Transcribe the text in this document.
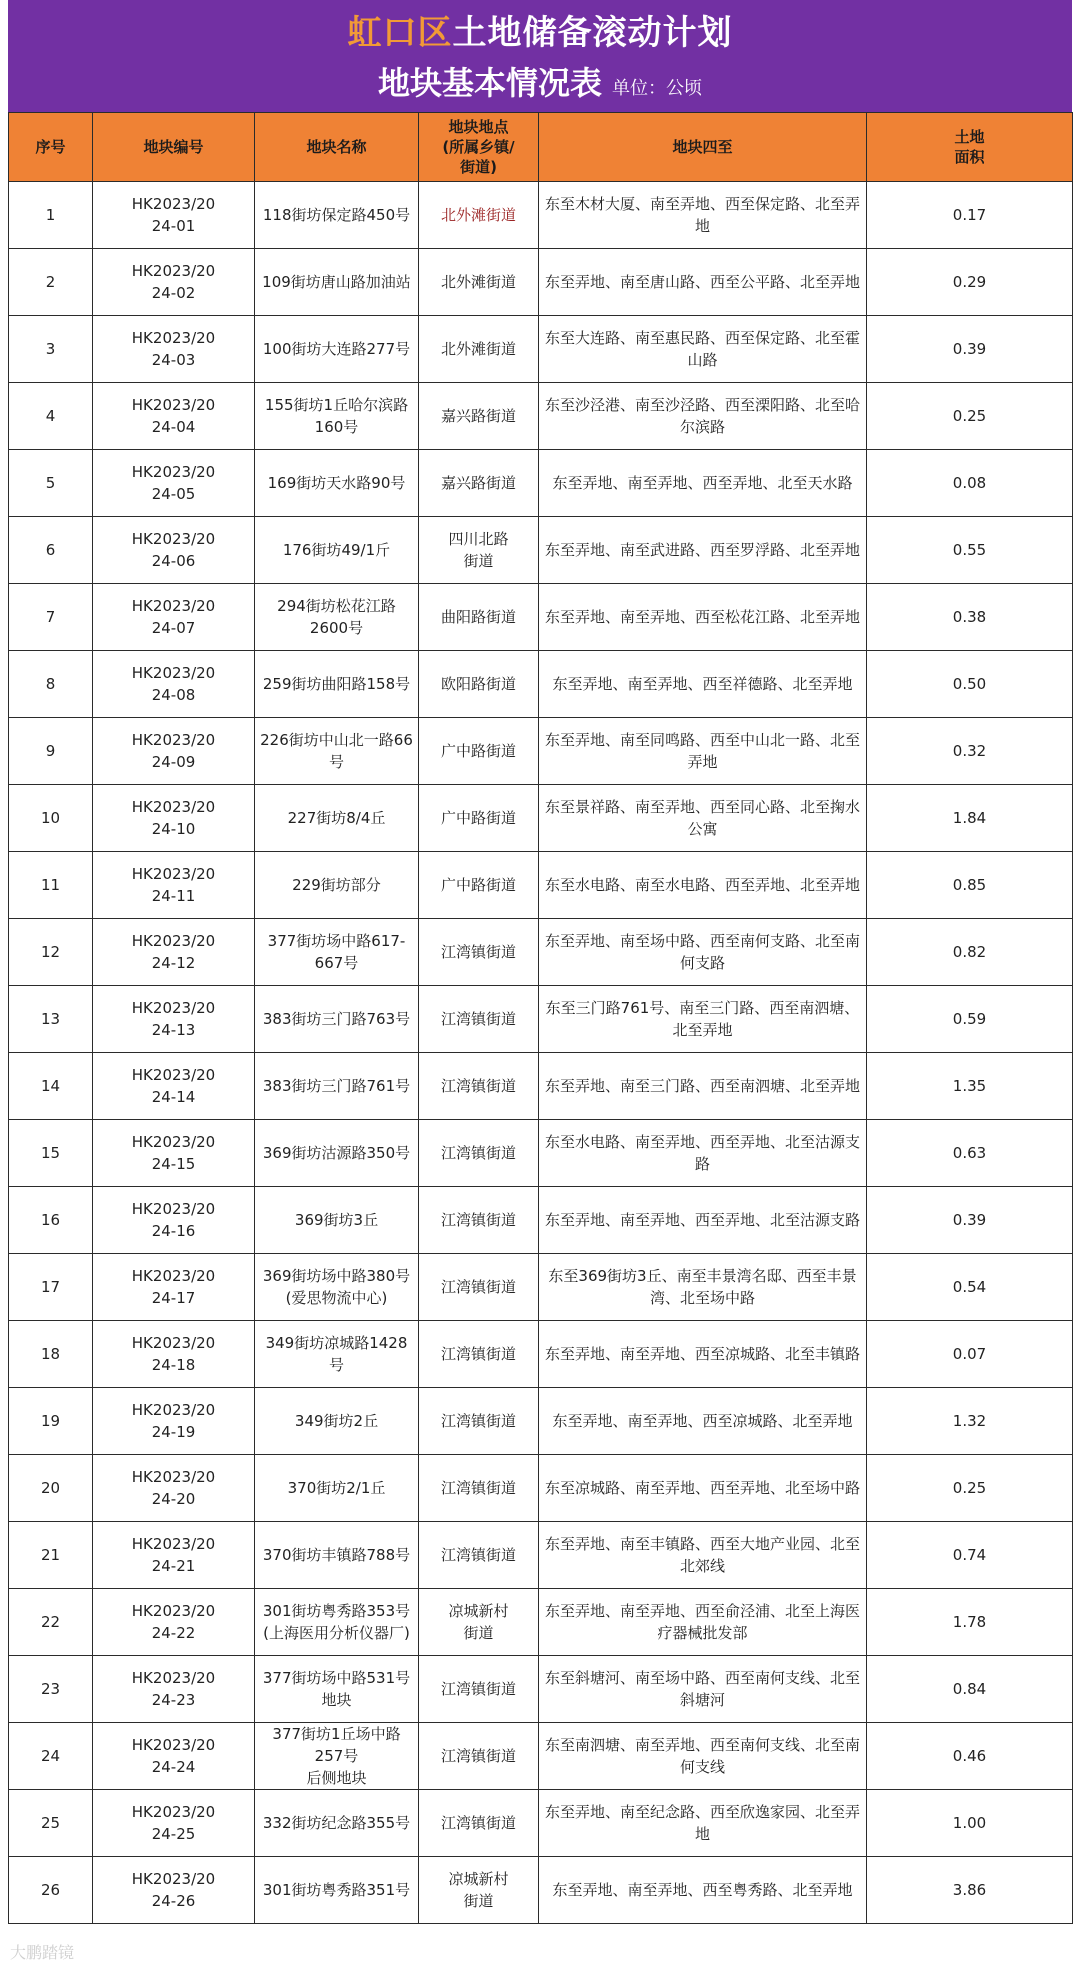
虹口区土地储备滚动计划
地块基本情况表 单位：公顷
序号	地块编号	地块名称	地块地点
(所属乡镇/
街道)	地块四至	土地
面积
1	HK2023/20
24-01	118街坊保定路450号	北外滩街道	东至木材大厦、南至弄地、西至保定路、北至弄地	0.17
2	HK2023/20
24-02	109街坊唐山路加油站	北外滩街道	东至弄地、南至唐山路、西至公平路、北至弄地	0.29
3	HK2023/20
24-03	100街坊大连路277号	北外滩街道	东至大连路、南至惠民路、西至保定路、北至霍山路	0.39
4	HK2023/20
24-04	155街坊1丘哈尔滨路
160号	嘉兴路街道	东至沙泾港、南至沙泾路、西至溧阳路、北至哈尔滨路	0.25
5	HK2023/20
24-05	169街坊天水路90号	嘉兴路街道	东至弄地、南至弄地、西至弄地、北至天水路	0.08
6	HK2023/20
24-06	176街坊49/1斤	四川北路
街道	东至弄地、南至武进路、西至罗浮路、北至弄地	0.55
7	HK2023/20
24-07	294街坊松花江路
2600号	曲阳路街道	东至弄地、南至弄地、西至松花江路、北至弄地	0.38
8	HK2023/20
24-08	259街坊曲阳路158号	欧阳路街道	东至弄地、南至弄地、西至祥德路、北至弄地	0.50
9	HK2023/20
24-09	226街坊中山北一路66
号	广中路街道	东至弄地、南至同鸣路、西至中山北一路、北至弄地	0.32
10	HK2023/20
24-10	227街坊8/4丘	广中路街道	东至景祥路、南至弄地、西至同心路、北至掬水公寓	1.84
11	HK2023/20
24-11	229街坊部分	广中路街道	东至水电路、南至水电路、西至弄地、北至弄地	0.85
12	HK2023/20
24-12	377街坊场中路617-
667号	江湾镇街道	东至弄地、南至场中路、西至南何支路、北至南何支路	0.82
13	HK2023/20
24-13	383街坊三门路763号	江湾镇街道	东至三门路761号、南至三门路、西至南泗塘、北至弄地	0.59
14	HK2023/20
24-14	383街坊三门路761号	江湾镇街道	东至弄地、南至三门路、西至南泗塘、北至弄地	1.35
15	HK2023/20
24-15	369街坊沽源路350号	江湾镇街道	东至水电路、南至弄地、西至弄地、北至沽源支路	0.63
16	HK2023/20
24-16	369街坊3丘	江湾镇街道	东至弄地、南至弄地、西至弄地、北至沽源支路	0.39
17	HK2023/20
24-17	369街坊场中路380号
(爱思物流中心)	江湾镇街道	东至369街坊3丘、南至丰景湾名邸、西至丰景湾、北至场中路	0.54
18	HK2023/20
24-18	349街坊凉城路1428
号	江湾镇街道	东至弄地、南至弄地、西至凉城路、北至丰镇路	0.07
19	HK2023/20
24-19	349街坊2丘	江湾镇街道	东至弄地、南至弄地、西至凉城路、北至弄地	1.32
20	HK2023/20
24-20	370街坊2/1丘	江湾镇街道	东至凉城路、南至弄地、西至弄地、北至场中路	0.25
21	HK2023/20
24-21	370街坊丰镇路788号	江湾镇街道	东至弄地、南至丰镇路、西至大地产业园、北至北郊线	0.74
22	HK2023/20
24-22	301街坊粤秀路353号
(上海医用分析仪器厂)	凉城新村
街道	东至弄地、南至弄地、西至俞泾浦、北至上海医疗器械批发部	1.78
23	HK2023/20
24-23	377街坊场中路531号
地块	江湾镇街道	东至斜塘河、南至场中路、西至南何支线、北至斜塘河	0.84
24	HK2023/20
24-24	377街坊1丘场中路
257号
后侧地块	江湾镇街道	东至南泗塘、南至弄地、西至南何支线、北至南何支线	0.46
25	HK2023/20
24-25	332街坊纪念路355号	江湾镇街道	东至弄地、南至纪念路、西至欣逸家园、北至弄地	1.00
26	HK2023/20
24-26	301街坊粤秀路351号	凉城新村
街道	东至弄地、南至弄地、西至粤秀路、北至弄地	3.86
大鹏踏镜
